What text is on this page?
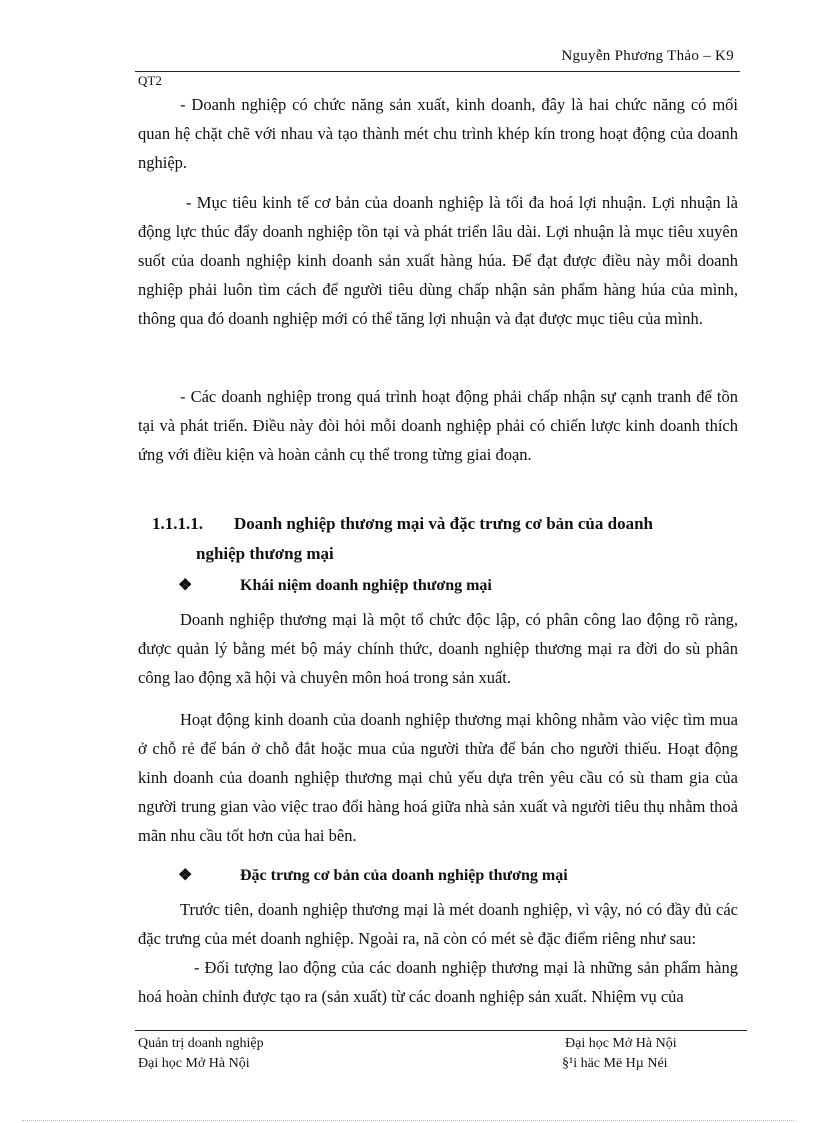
Nguyễn Phương Thảo – K9
QT2

- Doanh nghiệp có chức năng sản xuất, kinh doanh, đây là hai chức năng có mối quan hệ chặt chẽ với nhau và tạo thành mét chu trình khép kín trong hoạt động của doanh nghiệp.

- Mục tiêu kinh tế cơ bản của doanh nghiệp là tối đa hoá lợi nhuận. Lợi nhuận là động lực thúc đẩy doanh nghiệp tồn tại và phát triển lâu dài. Lợi nhuận là mục tiêu xuyên suốt của doanh nghiệp kinh doanh sản xuất hàng húa. Để đạt được điều này mỗi doanh nghiệp phải luôn tìm cách để người tiêu dùng chấp nhận sản phẩm hàng húa của mình, thông qua đó doanh nghiệp mới có thể tăng lợi nhuận và đạt được mục tiêu của mình.

- Các doanh nghiệp trong quá trình hoạt động phải chấp nhận sự cạnh tranh để tồn tại và phát triển. Điều này đòi hỏi mỗi doanh nghiệp phải có chiến lược kinh doanh thích ứng với điều kiện và hoàn cảnh cụ thể trong từng giai đoạn.

1.1.1.1. Doanh nghiệp thương mại và đặc trưng cơ bản của doanh
nghiệp thương mại
❖	Khái niệm doanh nghiệp thương mại

Doanh nghiệp thương mại là một tổ chức độc lập, có phân công lao động rõ ràng, được quản lý bằng mét bộ máy chính thức, doanh nghiệp thương mại ra đời do sù phân công lao động xã hội và chuyên môn hoá trong sản xuất.

Hoạt động kinh doanh của doanh nghiệp thương mại không nhằm vào việc tìm mua ở chỗ rẻ để bán ở chỗ đắt hoặc mua của người thừa để bán cho người thiếu. Hoạt động kinh doanh của doanh nghiệp thương mại chủ yếu dựa trên yêu cầu có sù tham gia của người trung gian vào việc trao đổi hàng hoá giữa nhà sản xuất và người tiêu thụ nhằm thoả mãn nhu cầu tốt hơn của hai bên.

❖	Đặc trưng cơ bản của doanh nghiệp thương mại

Trước tiên, doanh nghiệp thương mại là mét doanh nghiệp, vì vậy, nó có đầy đủ các đặc trưng của mét doanh nghiệp. Ngoài ra, nã còn có mét sè đặc điểm riêng như sau:

- Đối tượng lao động của các doanh nghiệp thương mại là những sản phẩm hàng hoá hoàn chỉnh được tạo ra (sản xuất) từ các doanh nghiệp sản xuất. Nhiệm vụ của

Quản trị doanh nghiệp	Đại học Mở Hà Nội
Đại học Mở Hà Nội	§¹i häc Më Hµ Néi
